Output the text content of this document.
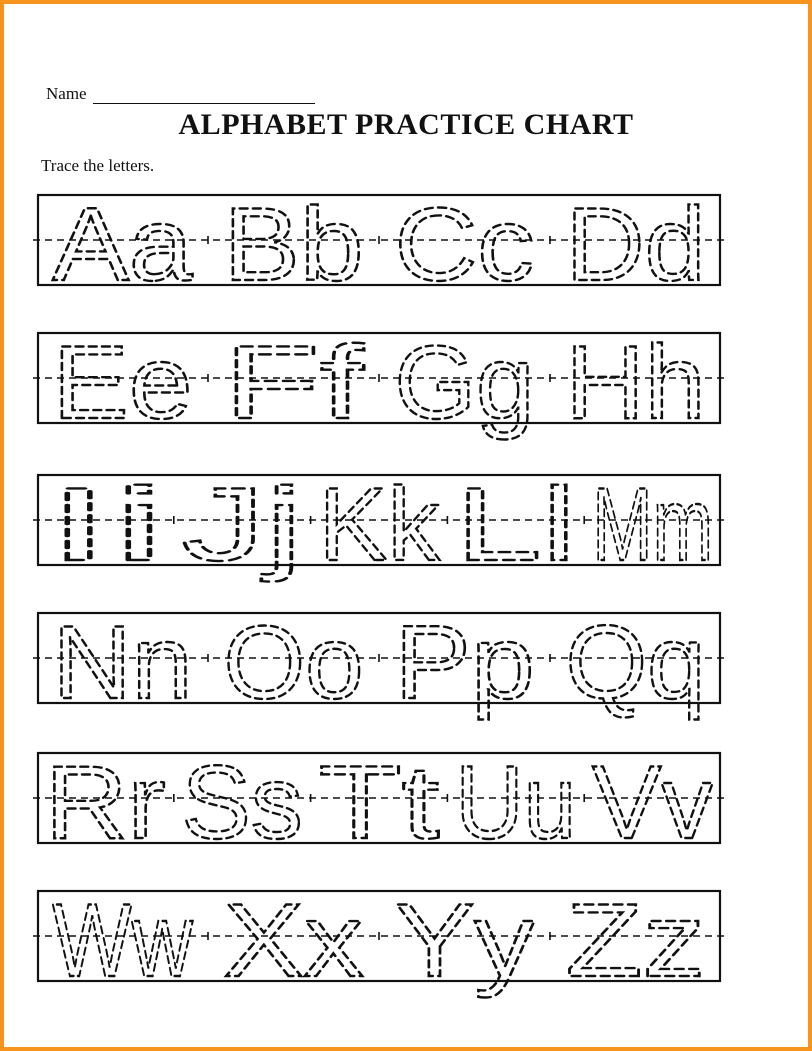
Name
ALPHABET PRACTICE CHART
Trace the letters.
Aa Bb Cc Dd
Ee Ff Gg Hh
Ii Jj Kk Ll Mm
Nn Oo Pp Qq
Rr Ss Tt Uu Vv
Ww Xx Yy Zz
